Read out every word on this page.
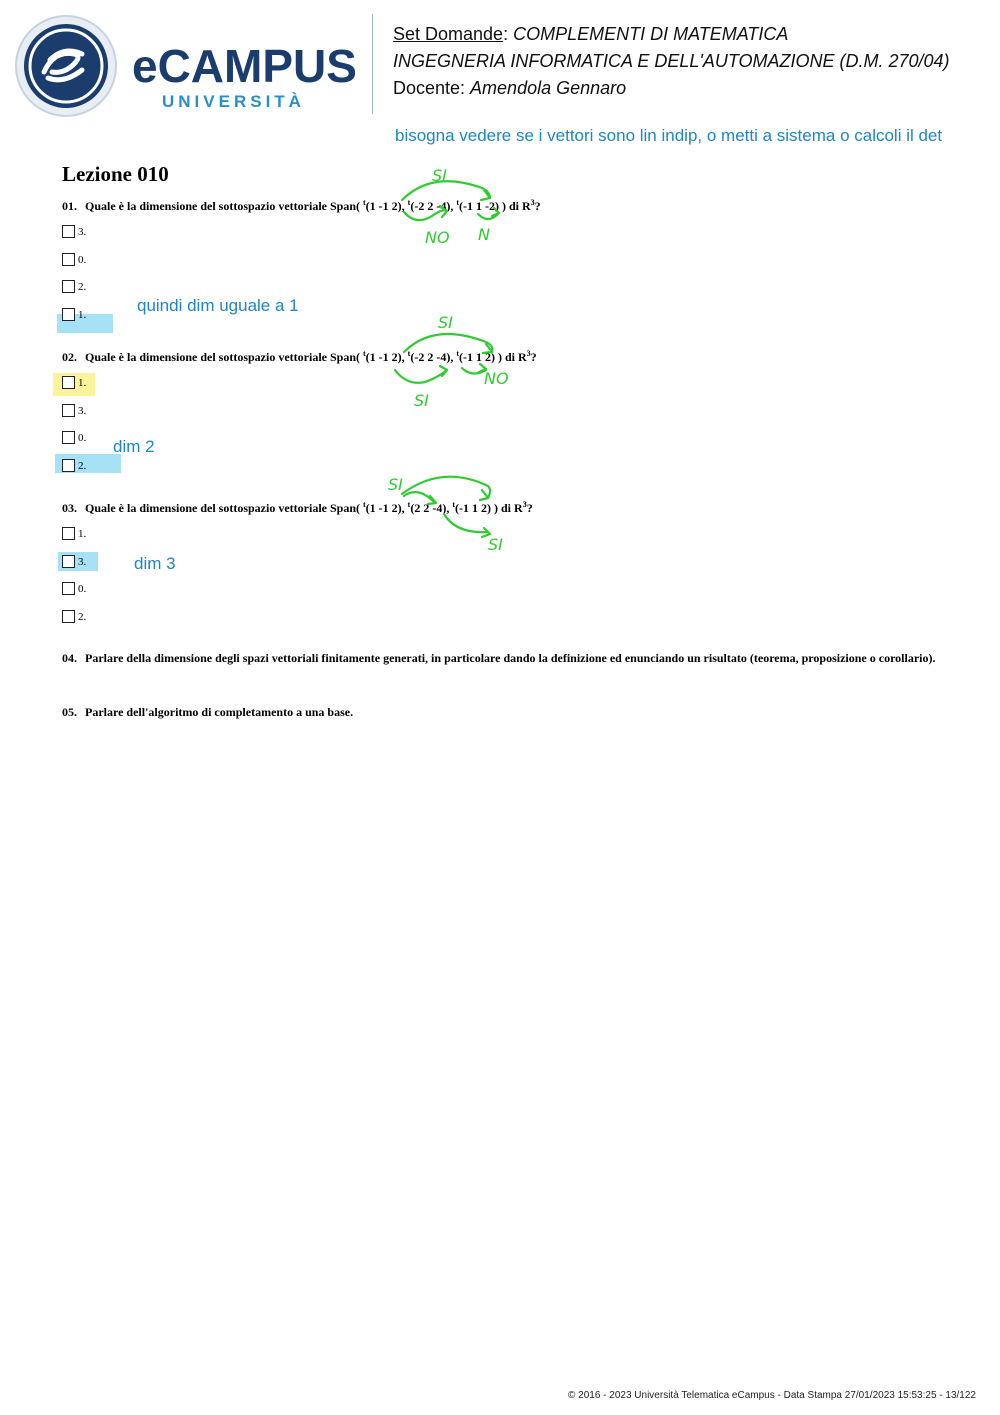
eCAMPUS
UNIVERSITÀ
Set Domande: COMPLEMENTI DI MATEMATICA
INGEGNERIA INFORMATICA E DELL'AUTOMAZIONE (D.M. 270/04)
Docente: Amendola Gennaro
bisogna vedere se i vettori sono lin indip, o metti a sistema o calcoli il det
Lezione 010
01. Quale è la dimensione del sottospazio vettoriale Span( $^t$(1 -1 2), $^t$(-2 2 -4), $^t$(-1 1 -2) ) di $R^3$?
3.
0.
2.
1.	quindi dim uguale a 1
02. Quale è la dimensione del sottospazio vettoriale Span( $^t$(1 -1 2), $^t$(-2 2 -4), $^t$(-1 1 2) ) di $R^3$?
1.
3.
0.
2.
dim 2
03. Quale è la dimensione del sottospazio vettoriale Span( $^t$(1 -1 2), $^t$(2 2 -4), $^t$(-1 1 2) ) di $R^3$?
1.
3.
0.
2.
dim 3
04. Parlare della dimensione degli spazi vettoriali finitamente generati, in particolare dando la definizione ed enunciando un risultato (teorema, proposizione o corollario).
05. Parlare dell'algoritmo di completamento a una base.
SI
NO N
SI
SI
NO
SI
SI
© 2016 - 2023 Università Telematica eCampus - Data Stampa 27/01/2023 15:53:25 - 13/122
